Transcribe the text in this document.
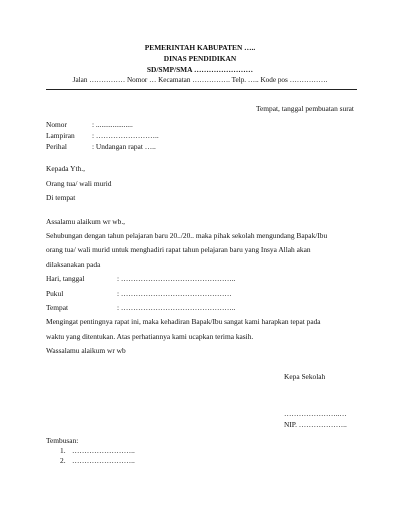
PEMERINTAH KABUPATEN …..
DINAS PENDIDIKAN
SD/SMP/SMA ……………………
Jalan …………… Nomor … Kecamatan ……………. Telp. ….. Kode pos …………….
Tempat, tanggal pembuatan surat
Nomor	: ....................
Lampiran : ……………………..
Perihal	: Undangan rapat …..
Kepada Yth.,
Orang tua/ wali murid
Di tempat
Assalamu alaikum wr wb.,
Sehubungan dengan tahun pelajaran baru 20../20.. maka pihak sekolah mengundang Bapak/Ibu
orang tua/ wali murid untuk menghadiri rapat tahun pelajaran baru yang Insya Allah akan
dilaksanakan pada
Hari, tanggal	: ………………………………………..
Pukul	: ………………………………………
Tempat	: ………………………………………..
Mengingat pentingnya rapat ini, maka kehadiran Bapak/Ibu sangat kami harapkan tepat pada
waktu yang ditentukan. Atas perhatiannya kami ucapkan terima kasih.
Wassalamu alaikum wr wb
Kepa Sekolah
…………………..…
NIP. ………………..
Tembusan:
1. ……………………..
2. ……………………..
